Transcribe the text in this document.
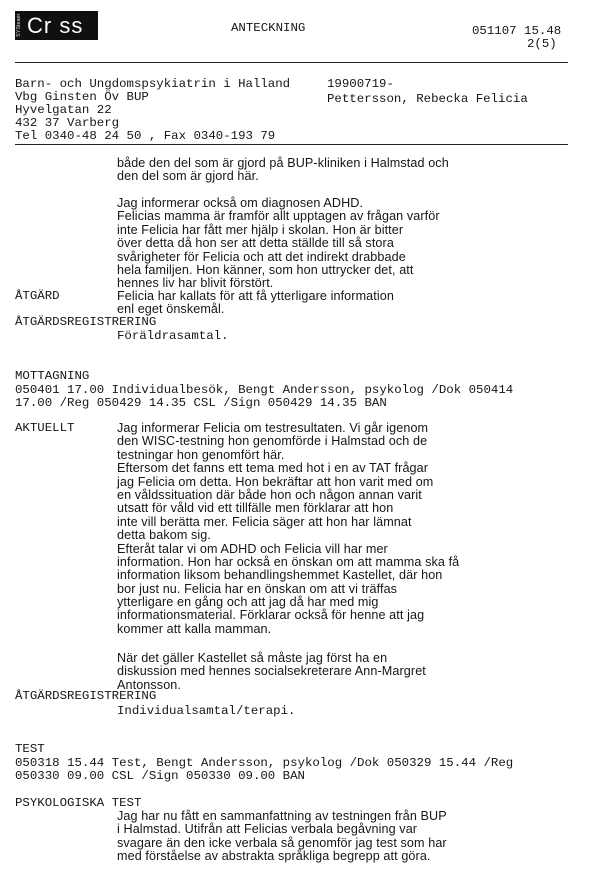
SYSteam Cr ss	ANTECKNING	051107 15.48
2(5)
Barn- och Ungdomspsykiatrin i Halland
Vbg Ginsten Öv BUP
Hyvelgatan 22
432 37 Varberg
Tel 0340-48 24 50 , Fax 0340-193 79
19900719-
Pettersson, Rebecka Felicia
både den del som är gjord på BUP-kliniken i Halmstad och
den del som är gjord här.
Jag informerar också om diagnosen ADHD.
Felicias mamma är framför allt upptagen av frågan varför
inte Felicia har fått mer hjälp i skolan. Hon är bitter
över detta då hon ser att detta ställde till så stora
svårigheter för Felicia och att det indirekt drabbade
hela familjen. Hon känner, som hon uttrycker det, att
hennes liv har blivit förstört.
ÅTGÄRD	Felicia har kallats för att få ytterligare information
enl eget önskemål.
ÅTGÄRDSREGISTRERING
Föräldrasamtal.
MOTTAGNING
050401 17.00 Individualbesök, Bengt Andersson, psykolog /Dok 050414
17.00 /Reg 050429 14.35 CSL /Sign 050429 14.35 BAN
AKTUELLT	Jag informerar Felicia om testresultaten. Vi går igenom
den WISC-testning hon genomförde i Halmstad och de
testningar hon genomfört här.
Eftersom det fanns ett tema med hot i en av TAT frågar
jag Felicia om detta. Hon bekräftar att hon varit med om
en våldssituation där både hon och någon annan varit
utsatt för våld vid ett tillfälle men förklarar att hon
inte vill berätta mer. Felicia säger att hon har lämnat
detta bakom sig.
Efteråt talar vi om ADHD och Felicia vill har mer
information. Hon har också en önskan om att mamma ska få
information liksom behandlingshemmet Kastellet, där hon
bor just nu. Felicia har en önskan om att vi träffas
ytterligare en gång och att jag då har med mig
informationsmaterial. Förklarar också för henne att jag
kommer att kalla mamman.
När det gäller Kastellet så måste jag först ha en
diskussion med hennes socialsekreterare Ann-Margret
Antonsson.
ÅTGÄRDSREGISTRERING
Individualsamtal/terapi.
TEST
050318 15.44 Test, Bengt Andersson, psykolog /Dok 050329 15.44 /Reg
050330 09.00 CSL /Sign 050330 09.00 BAN
PSYKOLOGISKA TEST
Jag har nu fått en sammanfattning av testningen från BUP
i Halmstad. Utifrån att Felicias verbala begåvning var
svagare än den icke verbala så genomför jag test som har
med förståelse av abstrakta språkliga begrepp att göra.
